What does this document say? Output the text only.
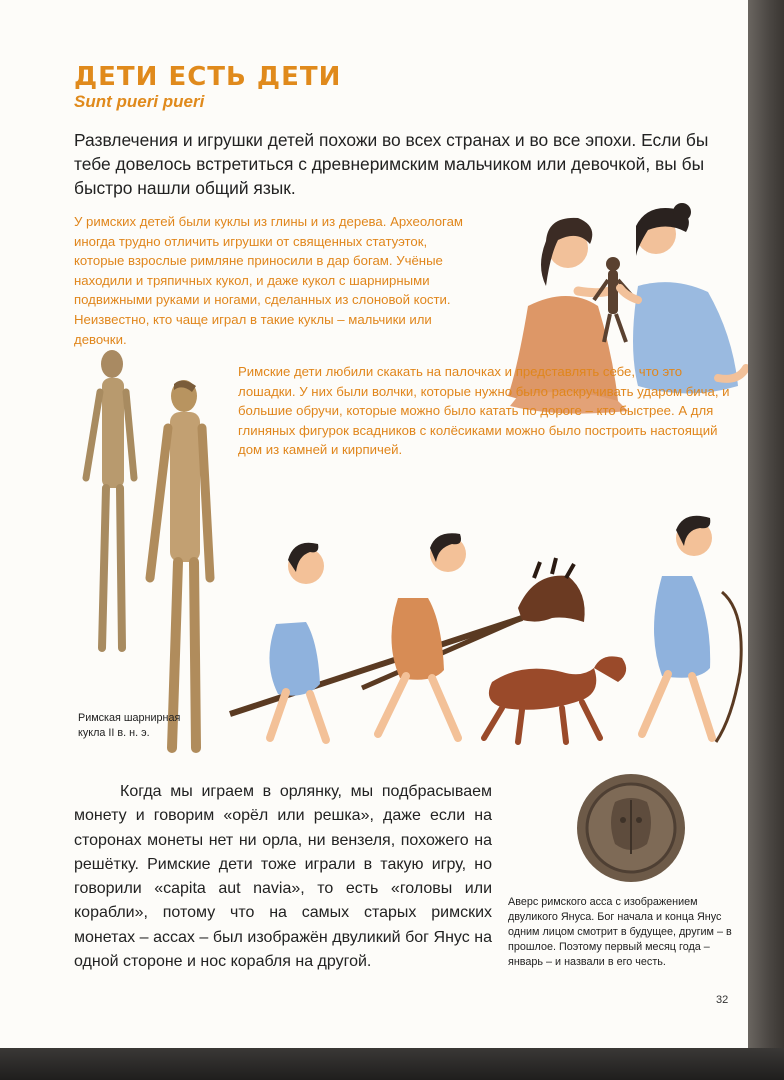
ДЕТИ ЕСТЬ ДЕТИ
Sunt pueri pueri

Развлечения и игрушки детей похожи во всех странах и во все эпохи. Если бы тебе довелось встретиться с древнеримским мальчиком или девочкой, вы бы быстро нашли общий язык.

У римских детей были куклы из глины и из дерева. Археологам иногда трудно отличить игрушки от священных статуэток, которые взрослые римляне приносили в дар богам. Учёные находили и тряпичных кукол, и даже кукол с шарнирными подвижными руками и ногами, сделанных из слоновой кости. Неизвестно, кто чаще играл в такие куклы – мальчики или девочки.

Римская шарнирная кукла II в. н. э.

Римские дети любили скакать на палочках и представлять себе, что это лошадки. У них были волчки, которые нужно было раскручивать ударом бича, и большие обручи, которые можно было катать по дороге – кто быстрее. А для глиняных фигурок всадников с колёсиками можно было построить настоящий дом из камней и кирпичей.

Когда мы играем в орлянку, мы подбрасываем монету и говорим «орёл или решка», даже если на сторонах монеты нет ни орла, ни вензеля, похожего на решётку. Римские дети тоже играли в такую игру, но говорили «capita aut navia», то есть «головы или корабли», потому что на самых старых римских монетах – ассах – был изображён двуликий бог Янус на одной стороне и нос корабля на другой.

Аверс римского асса с изображением двуликого Януса. Бог начала и конца Янус одним лицом смотрит в будущее, другим – в прошлое. Поэтому первый месяц года – январь – и назвали в его честь.

32
